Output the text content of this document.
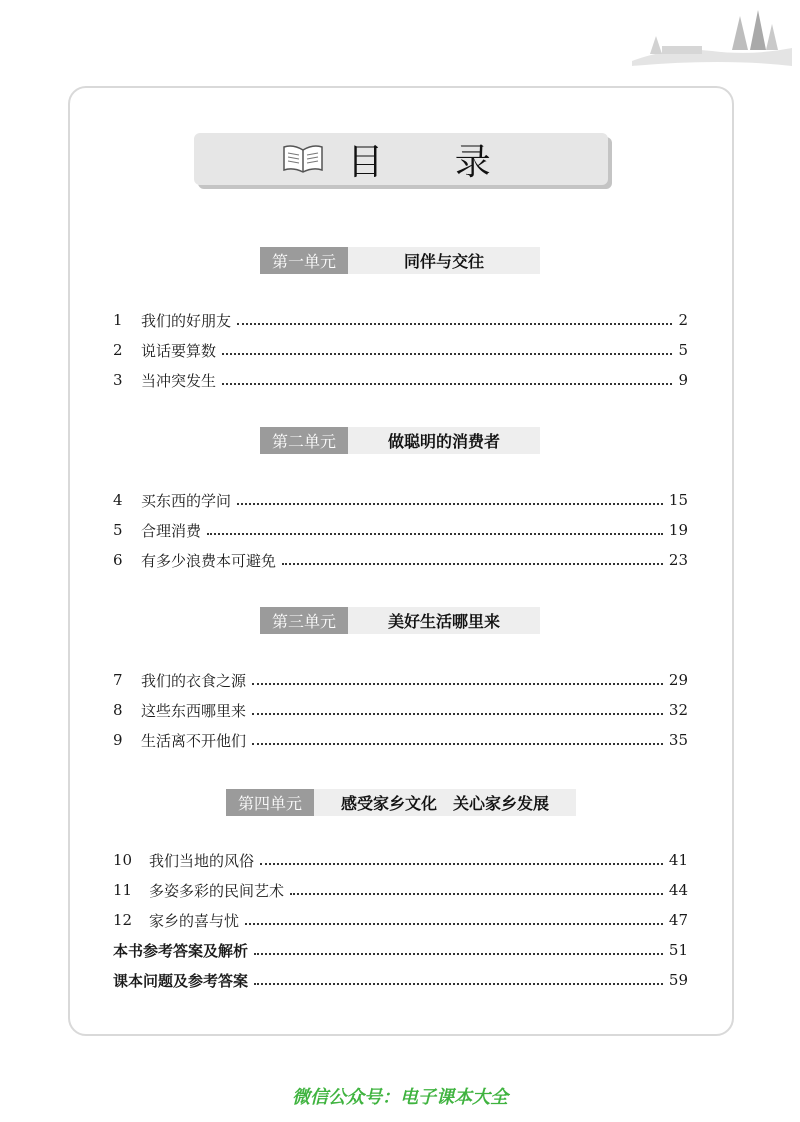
目 录
第一单元	同伴与交往
1	我们的好朋友	2
2	说话要算数	5
3	当冲突发生	9
第二单元	做聪明的消费者
4	买东西的学问	15
5	合理消费	19
6	有多少浪费本可避免	23
第三单元	美好生活哪里来
7	我们的衣食之源	29
8	这些东西哪里来	32
9	生活离不开他们	35
第四单元	感受家乡文化　关心家乡发展
10	我们当地的风俗	41
11	多姿多彩的民间艺术	44
12	家乡的喜与忧	47
本书参考答案及解析	51
课本问题及参考答案	59
微信公众号：电子课本大全
